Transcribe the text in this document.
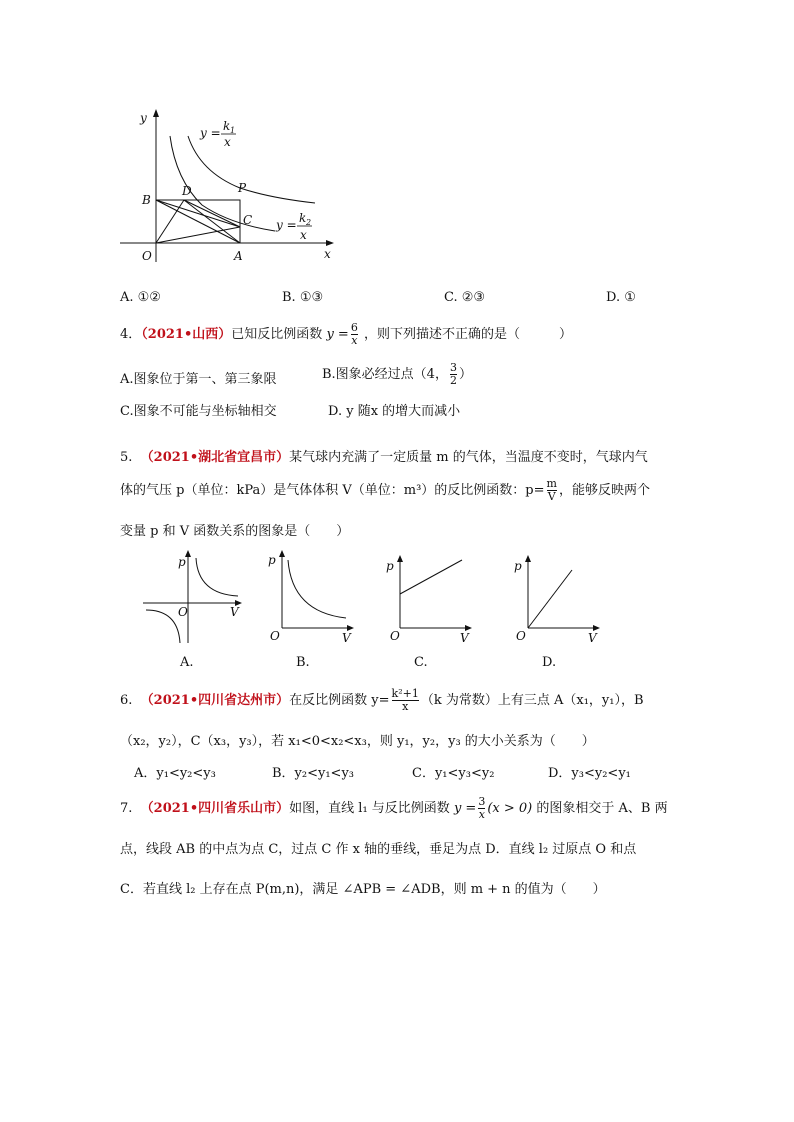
y
x
O	A
B
C
D	P
y = k 1
x
y = k 2
x
A. ①②	B. ①③	C. ②③	D. ①
4．（2021•山西）已知反比例函数 $y = \frac{6}{x}$ ，则下列描述不正确的是（　　　）
A.图象位于第一、第三象限	B.图象必经过点（4， $\frac{3}{2}$ ）
C.图象不可能与坐标轴相交	D. y 随x 的增大而减小
5. （2021•湖北省宜昌市）某气球内充满了一定质量 m 的气体，当温度不变时，气球内气
体的气压 p（单位：kPa）是气体体积 V（单位：m³）的反比例函数：$p= \frac{m}{V}$ ，能够反映两个
变量 p 和 V 函数关系的图象是（　　）
p
O	V
p
O	V
p
O	V
p
O	V
A.	B.	C.	D.
6. （2021•四川省达州市）在反比例函数 $y= \frac{\text{k²+1}}{x} (k$ 为常数）上有三点 A（x₁，y₁），B
（x₂，y₂），C（x₃，y₃），若 x₁<0<x₂<x₃，则 y₁，y₂，y₃ 的大小关系为（　　）
A．y₁<y₂<y₃	B．y₂<y₁<y₃	C．y₁<y₃<y₂	D．y₃<y₂<y₁
7. （2021•四川省乐山市）如图，直线 l₁ 与反比例函数 $y = \frac{3}{x} (x > 0)$ 的图象相交于 A、B 两
点，线段 AB 的中点为点 C，过点 C 作 x 轴的垂线，垂足为点 D．直线 l₂ 过原点 O 和点
C．若直线 l₂ 上存在点 P(m,n)，满足 ∠APB = ∠ADB，则 m + n 的值为（　　）
